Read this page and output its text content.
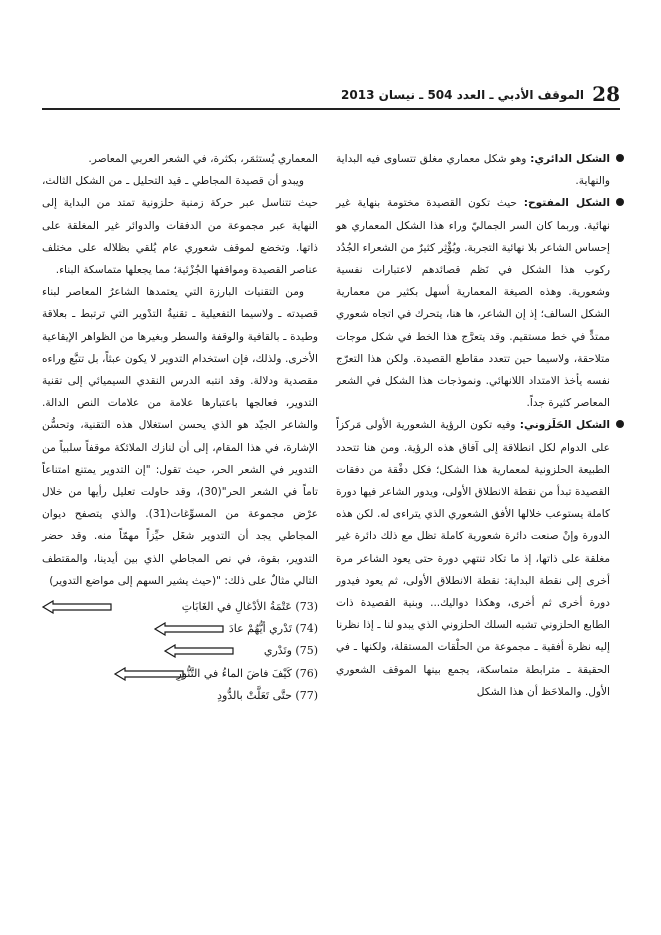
28
الموقف الأدبي ـ العدد 504 ـ نيسان 2013

الشكل الدائري: وهو شكل معماري مغلق تتساوى فيه البداية والنهاية.

الشكل المفتوح: حيث تكون القصيدة مختومة بنهاية غير نهائية. وربما كان السر الجماليّ وراء هذا الشكل المعماري هو إحساس الشاعر بلا نهائية التجربة. ويُؤْثِر كثيرٌ من الشعراء الجُدُد ركوب هذا الشكل في نَظم قصائدهم لاعتبارات نفسية وشعورية. وهذه الصيغة المعمارية أسهل بكثير من معمارية الشكل السالف؛ إذ إن الشاعر، ها هنا، يتحرك في اتجاه شعوري ممتدٍّ في خط مستقيم. وقد يتعرَّج هذا الخط في شكل موجات متلاحقة، ولاسيما حين تتعدد مقاطع القصيدة. ولكن هذا التعرّج نفسه يأخذ الامتداد اللانهائي. ونموذجات هذا الشكل في الشعر المعاصر كثيرة جداً.

الشكل الحَلَزوني: وفيه تكون الرؤية الشعورية الأولى مَركزاً على الدوام لكل انطلاقة إلى آفاق هذه الرؤية. ومن هنا تتحدد الطبيعة الحلزونية لمعمارية هذا الشكل؛ فكل دفْقة من دفقات القصيدة تبدأ من نقطة الانطلاق الأولى، ويدور الشاعر فيها دورة كاملة يستوعب خلالها الأفق الشعوري الذي يتراءى له. لكن هذه الدورة وإنْ صنعت دائرة شعورية كاملة تظل مع ذلك دائرة غير مغلقة على ذاتها، إذ ما تكاد تنتهي دورة حتى يعود الشاعر مرة أخرى إلى نقطة البداية: نقطة الانطلاق الأولى، ثم يعود فيدور دورة أخرى ثم أخرى، وهكذا دواليك... وبنية القصيدة ذات الطابع الحلزوني تشبه السلك الحلزوني الذي يبدو لنا ـ إذا نظرنا إليه نظرة أفقية ـ مجموعة من الحلْقات المستقلة، ولكنها ـ في الحقيقة ـ مترابطة متماسكة، يجمع بينها الموقف الشعوري الأول. والملاحَظ أن هذا الشكل

المعماري يُستثمَر، بكثرة، في الشعر العربي المعاصر.

ويبدو أن قصيدة المجاطي ـ قيد التحليل ـ من الشكل الثالث، حيث تتناسل عبر حركة زمنية حلزونية تمتد من البداية إلى النهاية عبر مجموعة من الدفقات والدوائر غير المغلقة على ذاتها. وتخضع لموقف شعوري عام يُلقي بظلاله على مختلف عناصر القصيدة ومواقفها الجُزْئية؛ مما يجعلها متماسكة البناء.

ومن التقنيات البارزة التي يعتمدها الشاعرُ المعاصر لبناء قصيدته ـ ولاسيما التفعيلية ـ تقنيةُ التدْوير التي ترتبط ـ بعلاقة وطيدة ـ بالقافية والوقفة والسطر وبغيرها من الظواهر الإيقاعية الأخرى. ولذلك، فإن استخدام التدوير لا يكون عبثاً، بل تتبَّع وراءه مقصدية ودلالة. وقد انتبه الدرس النقدي السيميائي إلى تقنية التدوير، فعالجها باعتبارها علامة من علامات النص الدالة. والشاعر الجيّد هو الذي يحسن استغلال هذه التقنية، وتحسُّن الإشارة، في هذا المقام، إلى أن لنازك الملائكة موقفاً سلبياً من التدوير في الشعر الحر، حيث تقول: "إن التدوير يمتنع امتناعاً تاماً في الشعر الحر"(30)، وقد حاولت تعليل رأيها من خلال عرْض مجموعة من المسوِّغات(31). والذي يتصفح ديوان المجاطي يجد أن التدوير شغَل حيِّزاً مهمّاً منه. وقد حضر التدوير، بقوة، في نص المجاطي الذي بين أيدينا، والمقتطف التالي مثالٌ على ذلك: "(حيث يشير السهم إلى مواضع التدوير)

(73) عَتْمَةُ الأدْغالِ في الغَابَاتِ
(74) تَدْري أيُّهُمْ عادَ
(75) وتَدْري
(76) كَيْفَ فاضَ الماءُ في التَّنُّورِ
(77) حتَّى تَعَلَّتْ بالدُّودِ
